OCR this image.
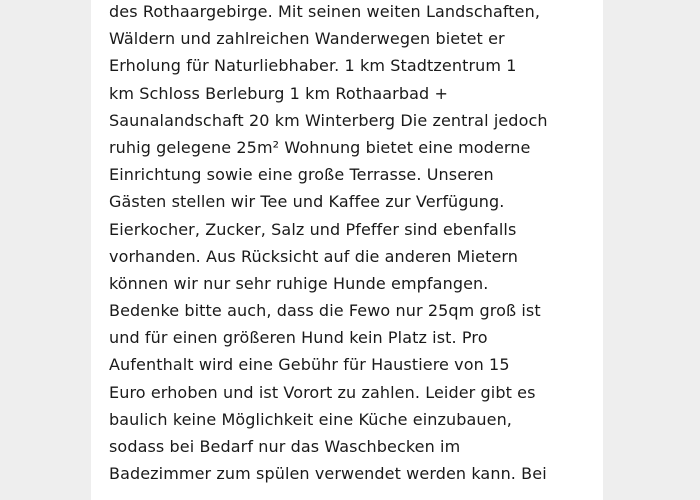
des Rothaargebirge. Mit seinen weiten Landschaften,
Wäldern und zahlreichen Wanderwegen bietet er
Erholung für Naturliebhaber. 1 km Stadtzentrum 1
km Schloss Berleburg 1 km Rothaarbad +
Saunalandschaft 20 km Winterberg Die zentral jedoch
ruhig gelegene 25m² Wohnung bietet eine moderne
Einrichtung sowie eine große Terrasse. Unseren
Gästen stellen wir Tee und Kaffee zur Verfügung.
Eierkocher, Zucker, Salz und Pfeffer sind ebenfalls
vorhanden. Aus Rücksicht auf die anderen Mietern
können wir nur sehr ruhige Hunde empfangen.
Bedenke bitte auch, dass die Fewo nur 25qm groß ist
und für einen größeren Hund kein Platz ist. Pro
Aufenthalt wird eine Gebühr für Haustiere von 15
Euro erhoben und ist Vorort zu zahlen. Leider gibt es
baulich keine Möglichkeit eine Küche einzubauen,
sodass bei Bedarf nur das Waschbecken im
Badezimmer zum spülen verwendet werden kann. Bei
